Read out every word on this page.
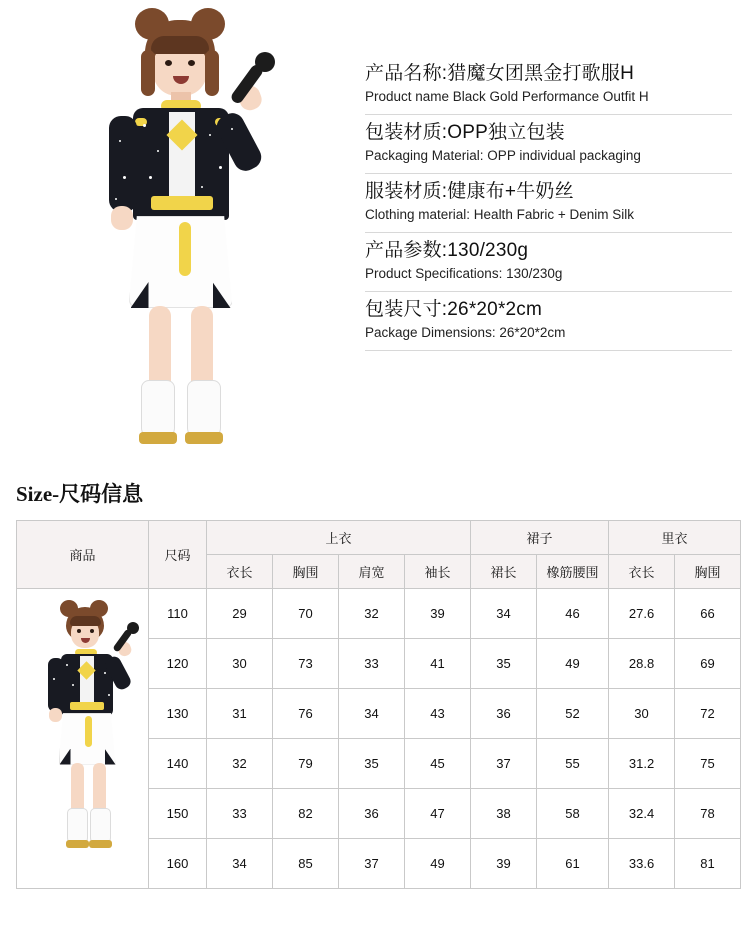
产品名称:猎魔女团黑金打歌服H
Product name Black Gold Performance Outfit H
包装材质:OPP独立包装
Packaging Material: OPP individual packaging
服装材质:健康布+牛奶丝
Clothing material: Health Fabric + Denim Silk
产品参数:130/230g
Product Specifications: 130/230g
包装尺寸:26*20*2cm
Package Dimensions: 26*20*2cm
Size-尺码信息
商品	尺码	上衣				裙子		里衣	
		衣长	胸围	肩宽	袖长	裙长	橡筋腰围	衣长	胸围

	110	29	70	32	39	34	46	27.6	66
	120	30	73	33	41	35	49	28.8	69
	130	31	76	34	43	36	52	30	72
	140	32	79	35	45	37	55	31.2	75
	150	33	82	36	47	38	58	32.4	78
	160	34	85	37	49	39	61	33.6	81
